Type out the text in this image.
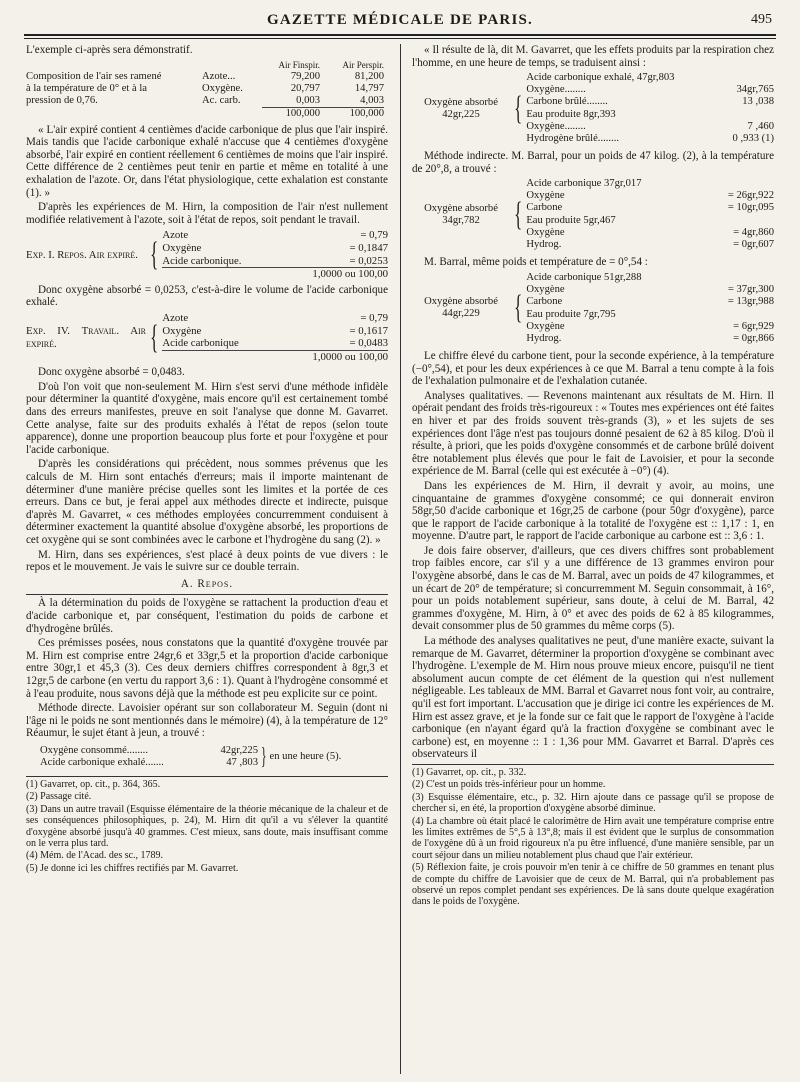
GAZETTE MÉDICALE DE PARIS.	495

L'exemple ci-après sera démonstratif.

Air Finspir.	Air Perspir.
Composition de l'air ses ramené	Azote...	79,200	81,200
à la température de 0° et à la	Oxygène.	20,797	14,797
pression de 0,76.	Ac. carb.	0,003	4,003
100,000	100,000

« L'air expiré contient 4 centièmes d'acide carbonique de plus que l'air inspiré. Mais tandis que l'acide carbonique exhalé n'accuse que 4 centièmes d'oxygène absorbé, l'air expiré en contient réellement 6 centièmes de moins que l'air inspiré. Cette différence de 2 centièmes peut tenir en partie et même en totalité à une exhalation de l'azote. Or, dans l'état physiologique, cette exhalation est constante (1). »

D'après les expériences de M. Hirn, la composition de l'air n'est nullement modifiée relativement à l'azote, soit à l'état de repos, soit pendant le travail.

Exp. I. Repos. Air expiré. {
Azote	= 0,79
Oxygène	= 0,1847
Acide carbonique.	= 0,0253
1,0000 ou 100,00

Donc oxygène absorbé = 0,0253, c'est-à-dire le volume de l'acide carbonique exhalé.

Exp. IV. Travail. Air expiré.	{
Azote	= 0,79
Oxygène	= 0,1617
Acide carbonique	= 0,0483
1,0000 ou 100,00

Donc oxygène absorbé = 0,0483.

D'où l'on voit que non-seulement M. Hirn s'est servi d'une méthode infidèle pour déterminer la quantité d'oxygène, mais encore qu'il est certainement tombé dans des erreurs manifestes, preuve en soit l'analyse que donne M. Gavarret. Cette analyse, faite sur des produits exhalés à l'état de repos (selon toute apparence), donne une proportion beaucoup plus forte et pour l'oxygène et pour l'acide carbonique.

D'après les considérations qui précèdent, nous sommes prévenus que les calculs de M. Hirn sont entachés d'erreurs; mais il importe maintenant de déterminer d'une manière précise quelles sont les limites et la portée de ces erreurs. Dans ce but, je ferai appel aux méthodes directe et indirecte, puisque d'après M. Gavarret, « ces méthodes employées concurremment conduisent à déterminer exactement la quantité absolue d'oxygène absorbé, les proportions de cet oxygène qui se sont combinées avec le carbone et l'hydrogène du sang (2). »

M. Hirn, dans ses expériences, s'est placé à deux points de vue divers : le repos et le mouvement. Je vais le suivre sur ce double terrain.

A. Repos.

À la détermination du poids de l'oxygène se rattachent la production d'eau et d'acide carbonique et, par conséquent, l'estimation du poids de carbone et d'hydrogène brûlés.

Ces prémisses posées, nous constatons que la quantité d'oxygène trouvée par M. Hirn est comprise entre 24gr,6 et 33gr,5 et la proportion d'acide carbonique entre 30gr,1 et 45,3 (3). Ces deux derniers chiffres correspondent à 8gr,3 et 12gr,5 de carbone (en vertu du rapport 3,6 : 1). Quant à l'hydrogène consommé et à l'eau produite, nous savons déjà que la méthode est peu explicite sur ce point.

Méthode directe. Lavoisier opérant sur son collaborateur M. Seguin (dont ni l'âge ni le poids ne sont mentionnés dans le mémoire) (4), à la température de 12° Réaumur, le sujet étant à jeun, a trouvé :

Oxygène consommé........	42gr,225
Acide carbonique exhalé.......	47 ,803 } en une heure (5).

(1) Gavarret, op. cit., p. 364, 365.

(2) Passage cité.

(3) Dans un autre travail (Esquisse élémentaire de la théorie mécanique de la chaleur et de ses conséquences philosophiques, p. 24), M. Hirn dit qu'il a vu s'élever la quantité d'oxygène absorbé jusqu'à 40 grammes. C'est mieux, sans doute, mais insuffisant comme on le verra plus tard.

(4) Mém. de l'Acad. des sc., 1789.

(5) Je donne ici les chiffres rectifiés par M. Gavarret.

« Il résulte de là, dit M. Gavarret, que les effets produits par la respiration chez l'homme, en une heure de temps, se traduisent ainsi :

Oxygène absorbé 42gr,225	{
Acide carbonique exhalé, 47gr,803
Oxygène........	34gr,765
Carbone brûlé........	13 ,038
Eau produite 8gr,393
Oxygène........	7 ,460
Hydrogène brûlé........	0 ,933 (1)

Méthode indirecte. M. Barral, pour un poids de 47 kilog. (2), à la température de 20°,8, a trouvé :

Oxygène absorbé 34gr,782	{
Acide carbonique 37gr,017
Oxygène	= 26gr,922
Carbone	= 10gr,095
Eau produite 5gr,467
Oxygène	= 4gr,860
Hydrog.	= 0gr,607

M. Barral, même poids et température de = 0°,54 :

Oxygène absorbé 44gr,229	{
Acide carbonique 51gr,288
Oxygène	= 37gr,300
Carbone	= 13gr,988
Eau produite 7gr,795
Oxygène	= 6gr,929
Hydrog.	= 0gr,866

Le chiffre élevé du carbone tient, pour la seconde expérience, à la température (−0°,54), et pour les deux expériences à ce que M. Barral a tenu compte à la fois de l'exhalation pulmonaire et de l'exhalation cutanée.

Analyses qualitatives. — Revenons maintenant aux résultats de M. Hirn. Il opérait pendant des froids très-rigoureux : « Toutes mes expériences ont été faites en hiver et par des froids souvent très-grands (3), » et les sujets de ses expériences dont l'âge n'est pas toujours donné pesaient de 62 à 85 kilog. D'où il résulte, à priori, que les poids d'oxygène consommés et de carbone brûlé doivent être notablement plus élevés que pour le fait de Lavoisier, et pour la seconde expérience de M. Barral (celle qui est exécutée à −0°) (4).

Dans les expériences de M. Hirn, il devrait y avoir, au moins, une cinquantaine de grammes d'oxygène consommé; ce qui donnerait environ 58gr,50 d'acide carbonique et 16gr,25 de carbone (pour 50gr d'oxygène), parce que le rapport de l'acide carbonique à la totalité de l'oxygène est :: 1,17 : 1, en moyenne. D'autre part, le rapport de l'acide carbonique au carbone est :: 3,6 : 1.

Je dois faire observer, d'ailleurs, que ces divers chiffres sont probablement trop faibles encore, car s'il y a une différence de 13 grammes environ pour l'oxygène absorbé, dans le cas de M. Barral, avec un poids de 47 kilogrammes, et un écart de 20° de température; si concurremment M. Seguin consommait, à 16°, pour un poids notablement supérieur, sans doute, à celui de M. Barral, 42 grammes d'oxygène, M. Hirn, à 0° et avec des poids de 62 à 85 kilogrammes, devait consommer plus de 50 grammes du même corps (5).

La méthode des analyses qualitatives ne peut, d'une manière exacte, suivant la remarque de M. Gavarret, déterminer la proportion d'oxygène se combinant avec l'hydrogène. L'exemple de M. Hirn nous prouve mieux encore, puisqu'il ne tient absolument aucun compte de cet élément de la question qui n'est nullement négligeable. Les tableaux de MM. Barral et Gavarret nous font voir, au contraire, qu'il est fort important. L'accusation que je dirige ici contre les expériences de M. Hirn est assez grave, et je la fonde sur ce fait que le rapport de l'oxygène à l'acide carbonique (en n'ayant égard qu'à la fraction d'oxygène se combinant avec le carbone) est, en moyenne :: 1 : 1,36 pour MM. Gavarret et Barral. D'après ces observateurs il

(1) Gavarret, op. cit., p. 332.

(2) C'est un poids très-inférieur pour un homme.

(3) Esquisse élémentaire, etc., p. 32. Hirn ajoute dans ce passage qu'il se propose de chercher si, en été, la proportion d'oxygène absorbé diminue.

(4) La chambre où était placé le calorimètre de Hirn avait une température comprise entre les limites extrêmes de 5°,5 à 13°,8; mais il est évident que le surplus de consommation de l'oxygène dû à un froid rigoureux n'a pu être influencé, d'une manière sensible, par un court séjour dans un milieu notablement plus chaud que l'air extérieur.

(5) Réflexion faite, je crois pouvoir m'en tenir à ce chiffre de 50 grammes en tenant plus de compte du chiffre de Lavoisier que de ceux de M. Barral, qui n'a probablement pas observé un repos complet pendant ses expériences. De là sans doute quelque exagération dans le poids de l'oxygène.
